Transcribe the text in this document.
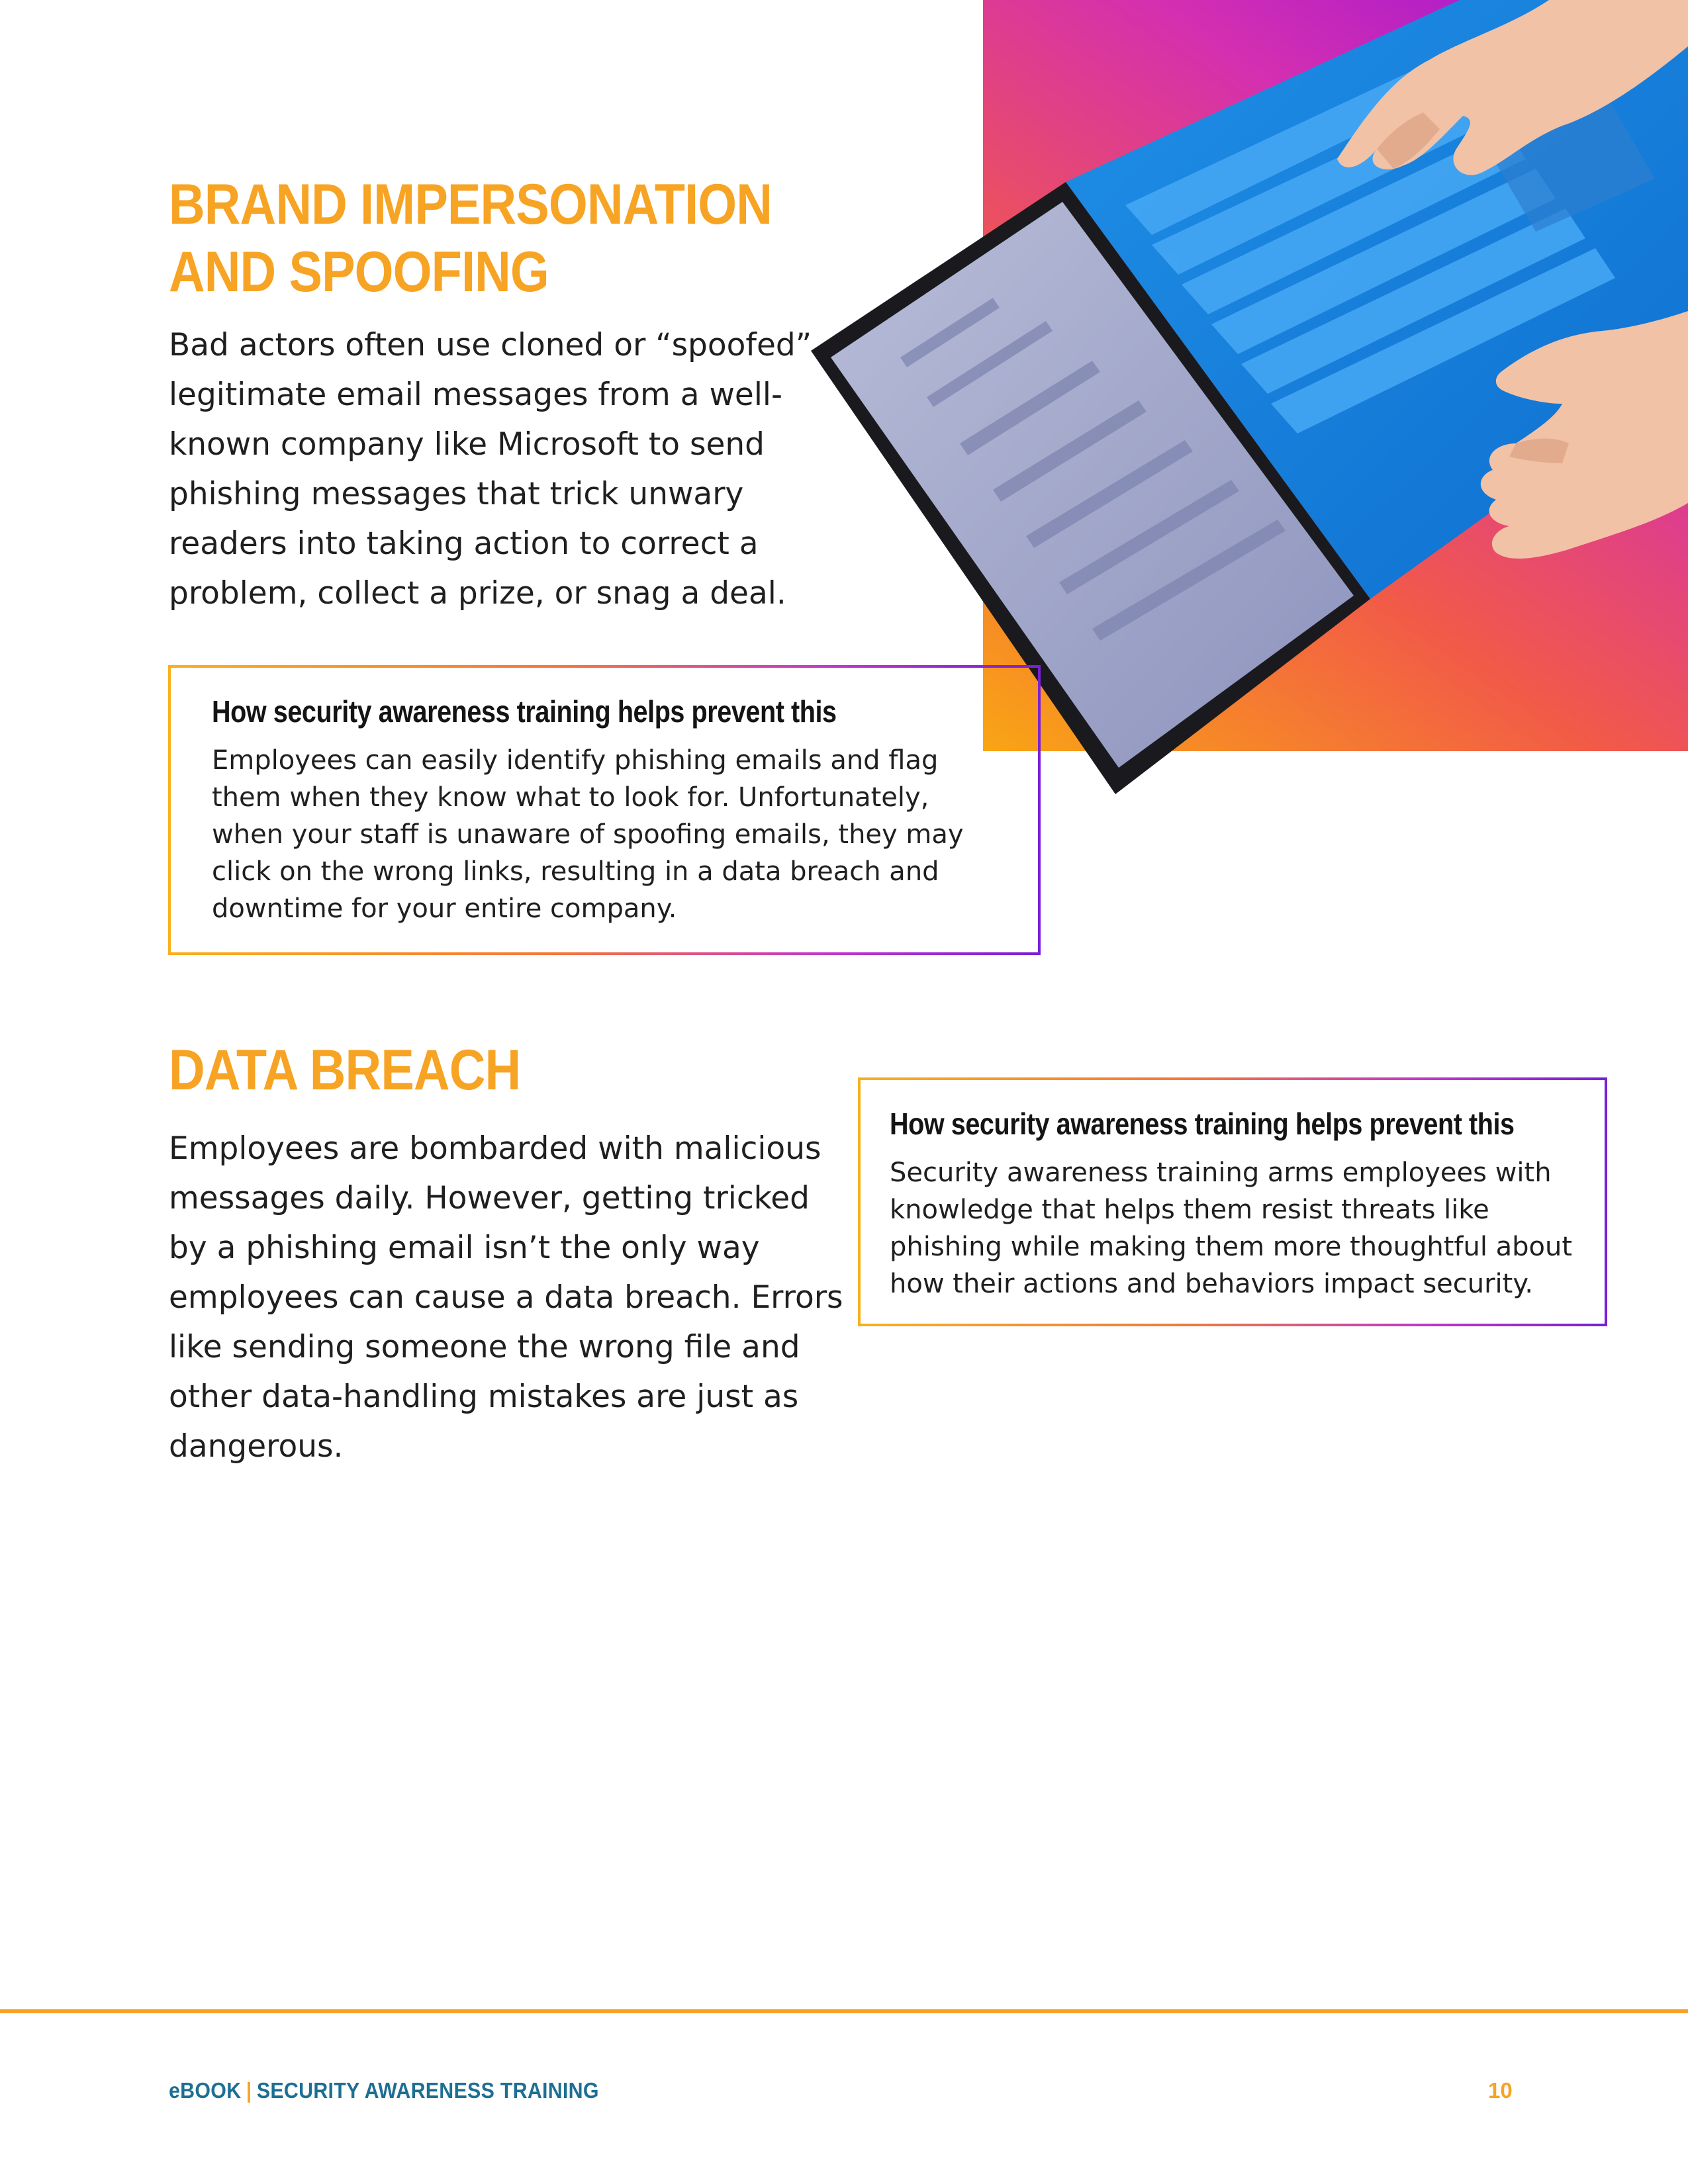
BRAND IMPERSONATION
AND SPOOFING

Bad actors often use cloned or “spoofed” legitimate email messages from a well-known company like Microsoft to send phishing messages that trick unwary readers into taking action to correct a problem, collect a prize, or snag a deal.

How security awareness training helps prevent this

Employees can easily identify phishing emails and flag them when they know what to look for. Unfortunately, when your staff is unaware of spoofing emails, they may click on the wrong links, resulting in a data breach and downtime for your entire company.

DATA BREACH

Employees are bombarded with malicious messages daily. However, getting tricked by a phishing email isn’t the only way employees can cause a data breach. Errors like sending someone the wrong file and other data-handling mistakes are just as dangerous.

How security awareness training helps prevent this

Security awareness training arms employees with knowledge that helps them resist threats like phishing while making them more thoughtful about how their actions and behaviors impact security.

eBOOK | SECURITY AWARENESS TRAINING	10
